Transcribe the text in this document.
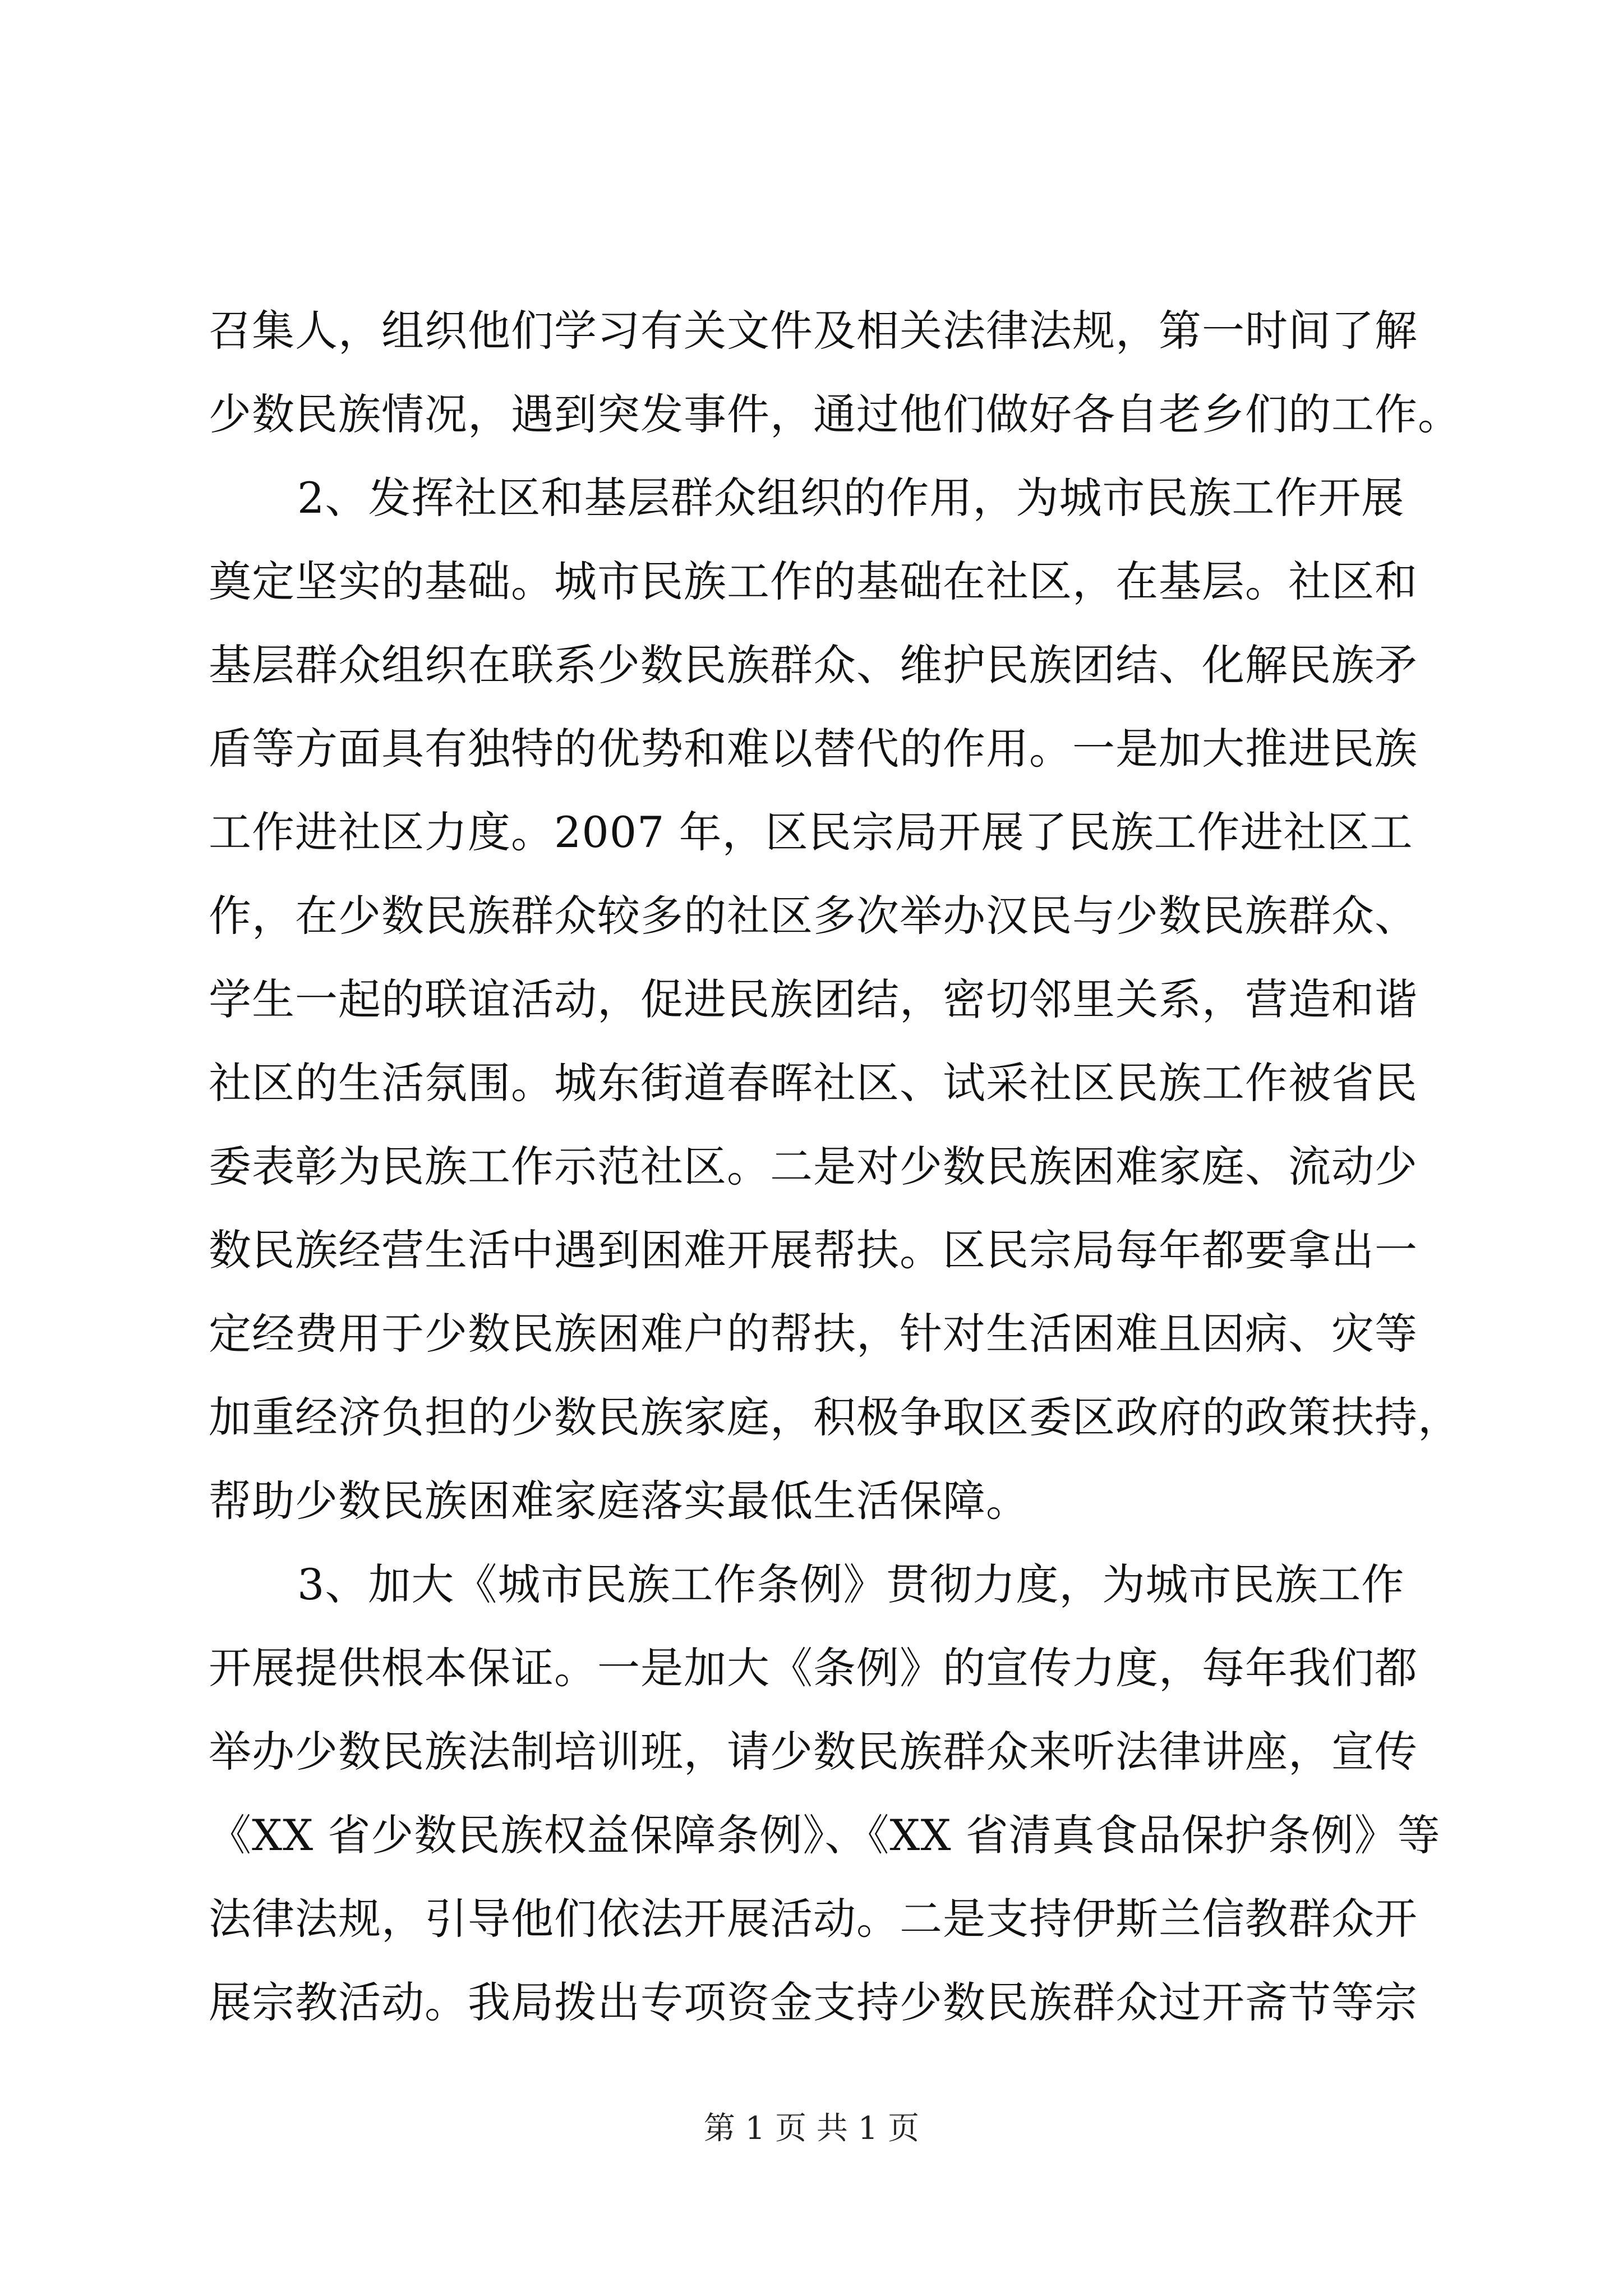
召集人，组织他们学习有关文件及相关法律法规，第一时间了解
少数民族情况，遇到突发事件，通过他们做好各自老乡们的工作。
2、发挥社区和基层群众组织的作用，为城市民族工作开展
奠定坚实的基础。城市民族工作的基础在社区，在基层。社区和
基层群众组织在联系少数民族群众、维护民族团结、化解民族矛
盾等方面具有独特的优势和难以替代的作用。一是加大推进民族
工作进社区力度。2007 年，区民宗局开展了民族工作进社区工
作，在少数民族群众较多的社区多次举办汉民与少数民族群众、
学生一起的联谊活动，促进民族团结，密切邻里关系，营造和谐
社区的生活氛围。城东街道春晖社区、试采社区民族工作被省民
委表彰为民族工作示范社区。二是对少数民族困难家庭、流动少
数民族经营生活中遇到困难开展帮扶。区民宗局每年都要拿出一
定经费用于少数民族困难户的帮扶，针对生活困难且因病、灾等
加重经济负担的少数民族家庭，积极争取区委区政府的政策扶持，
帮助少数民族困难家庭落实最低生活保障。
3、加大《城市民族工作条例》贯彻力度，为城市民族工作
开展提供根本保证。一是加大《条例》的宣传力度，每年我们都
举办少数民族法制培训班，请少数民族群众来听法律讲座，宣传
《XX 省少数民族权益保障条例》、《XX 省清真食品保护条例》等
法律法规，引导他们依法开展活动。二是支持伊斯兰信教群众开
展宗教活动。我局拨出专项资金支持少数民族群众过开斋节等宗
第 1 页 共 1 页
